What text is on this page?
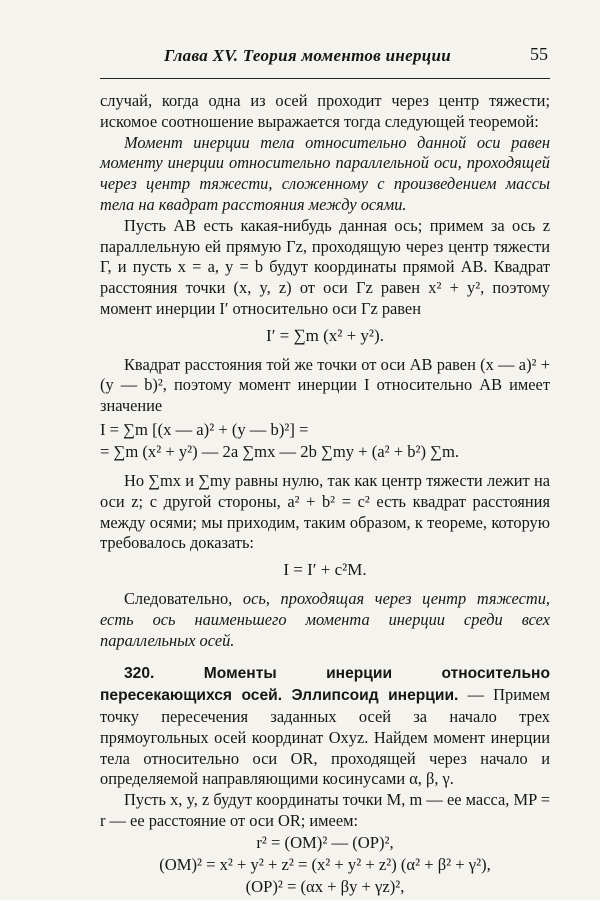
Глава XV. Теория моментов инерции	55

случай, когда одна из осей проходит через центр тяжести; искомое соотношение выражается тогда следующей теоремой:

Момент инерции тела относительно данной оси равен моменту инерции относительно параллельной оси, проходящей через центр тяжести, сложенному с произведением массы тела на квадрат расстояния между осями.

Пусть AB есть какая-нибудь данная ось; примем за ось z параллельную ей прямую Γz, проходящую через центр тяжести Γ, и пусть x = a, y = b будут координаты прямой AB. Квадрат расстояния точки (x, y, z) от оси Γz равен x² + y², поэтому момент инерции I′ относительно оси Γz равен

I′ = ∑m (x² + y²).

Квадрат расстояния той же точки от оси AB равен (x — a)² + (y — b)², поэтому момент инерции I относительно AB имеет значение

I = ∑m [(x — a)² + (y — b)²] =
= ∑m (x² + y²) — 2a ∑mx — 2b ∑my + (a² + b²) ∑m.

Но ∑mx и ∑my равны нулю, так как центр тяжести лежит на оси z; с другой стороны, a² + b² = c² есть квадрат расстояния между осями; мы приходим, таким образом, к теореме, которую требовалось доказать:

I = I′ + c²M.

Следовательно, ось, проходящая через центр тяжести, есть ось наименьшего момента инерции среди всех параллельных осей.

320. Моменты инерции относительно пересекающихся осей. Эллипсоид инерции. — Примем точку пересечения заданных осей за начало трех прямоугольных осей координат Oxyz. Найдем момент инерции тела относительно оси OR, проходящей через начало и определяемой направляющими косинусами α, β, γ.

Пусть x, y, z будут координаты точки M, m — ее масса, MP = r — ее расстояние от оси OR; имеем:

r² = (OM)² — (OP)²,
(OM)² = x² + y² + z² = (x² + y² + z²) (α² + β² + γ²),
(OP)² = (αx + βy + γz)²,
